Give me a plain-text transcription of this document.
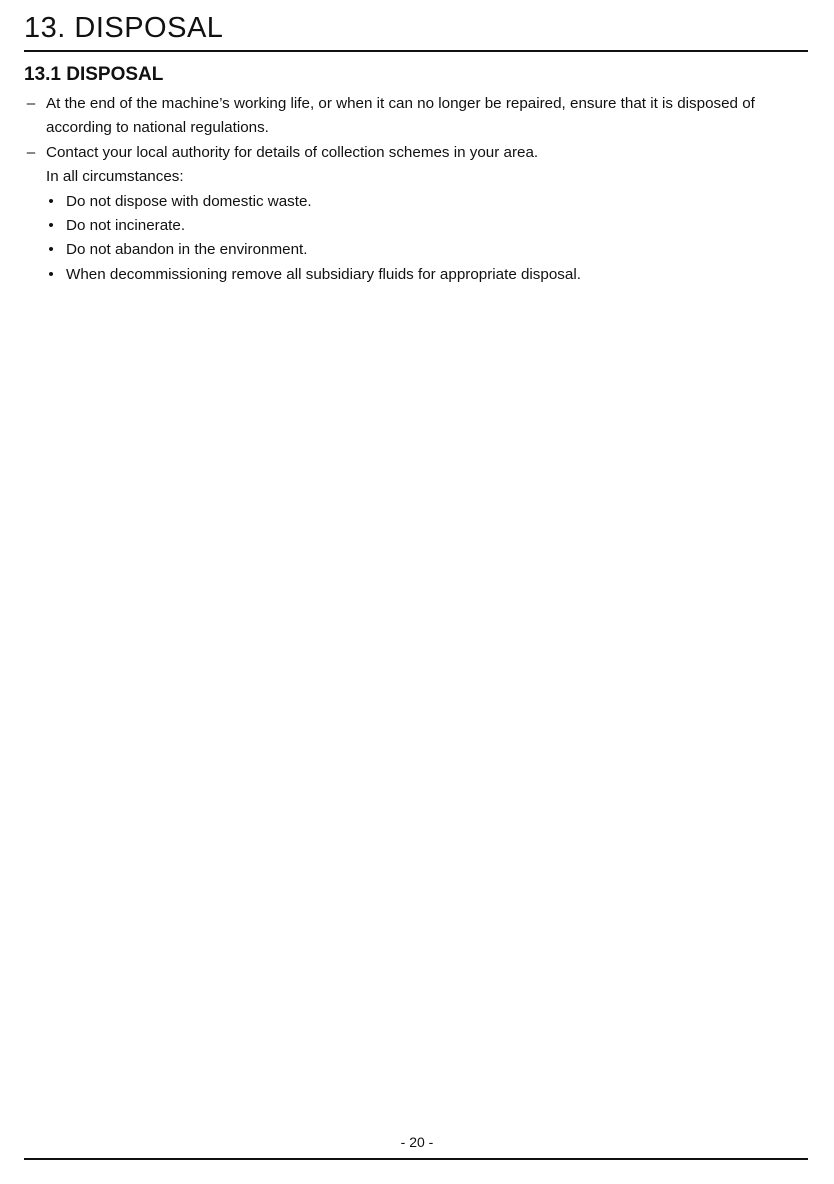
13. DISPOSAL
13.1 DISPOSAL
– At the end of the machine’s working life, or when it can no longer be repaired, ensure that it is disposed of according to national regulations.
– Contact your local authority for details of collection schemes in your area.
In all circumstances:
• Do not dispose with domestic waste.
• Do not incinerate.
• Do not abandon in the environment.
• When decommissioning remove all subsidiary fluids for appropriate disposal.
- 20 -
